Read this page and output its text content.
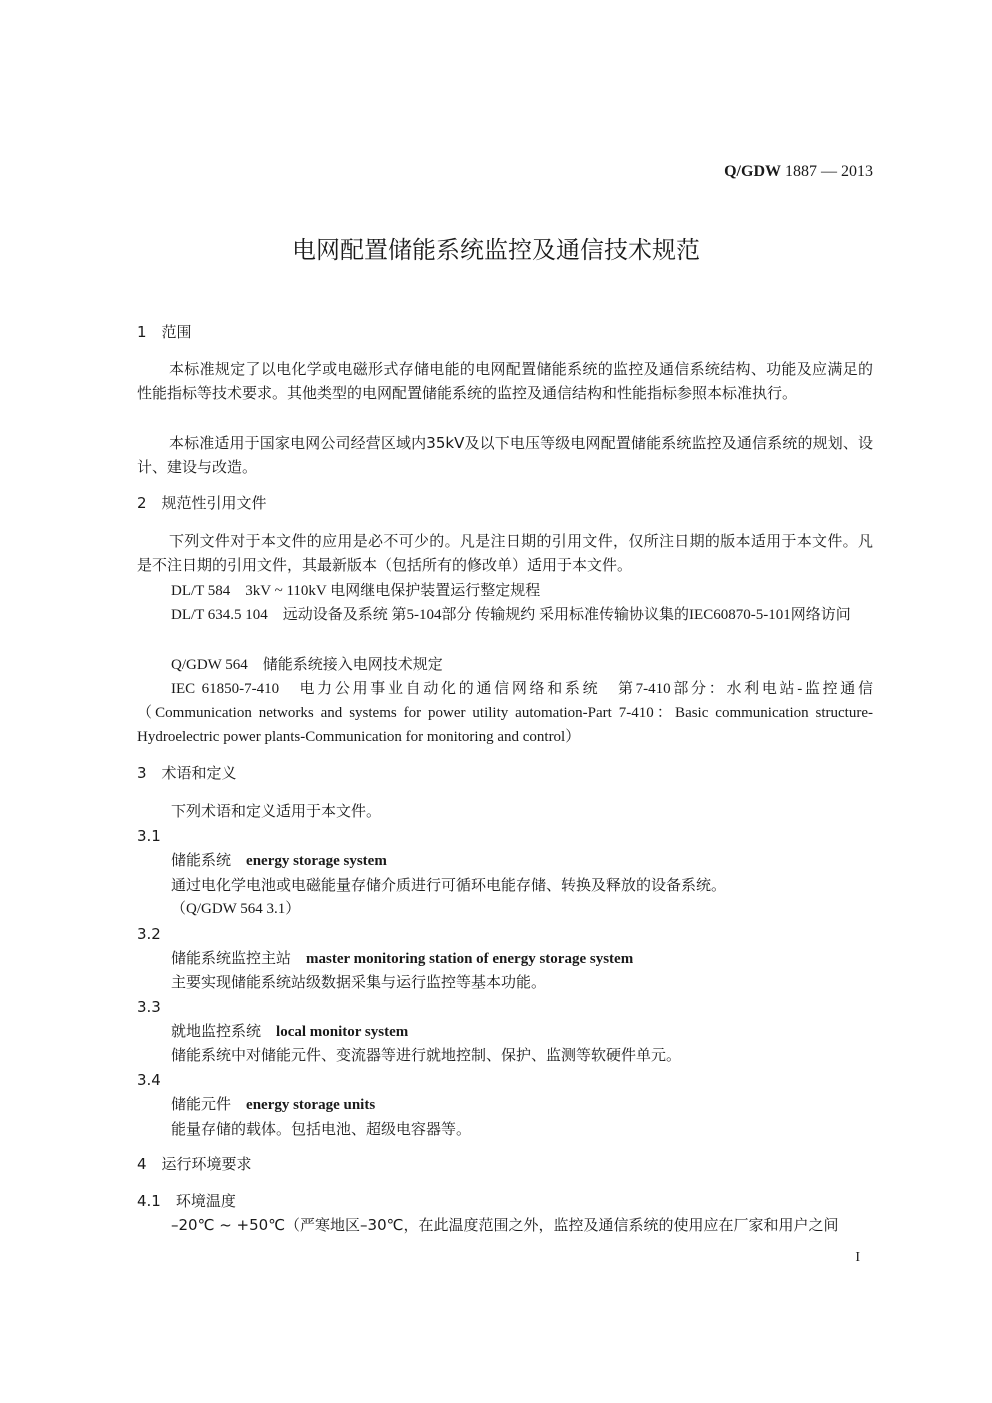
Q/GDW 1887 — 2013
电网配置储能系统监控及通信技术规范
1　范围
本标准规定了以电化学或电磁形式存储电能的电网配置储能系统的监控及通信系统结构、功能及应满足的性能指标等技术要求。其他类型的电网配置储能系统的监控及通信结构和性能指标参照本标准执行。
本标准适用于国家电网公司经营区域内35kV及以下电压等级电网配置储能系统监控及通信系统的规划、设计、建设与改造。
2　规范性引用文件
下列文件对于本文件的应用是必不可少的。凡是注日期的引用文件，仅所注日期的版本适用于本文件。凡是不注日期的引用文件，其最新版本（包括所有的修改单）适用于本文件。
DL/T 584　3kV ~ 110kV 电网继电保护装置运行整定规程
DL/T 634.5 104　远动设备及系统 第5-104部分 传输规约 采用标准传输协议集的IEC60870-5-101网络访问
Q/GDW 564　储能系统接入电网技术规定
IEC 61850-7-410　电力公用事业自动化的通信网络和系统　第7-410部分：水利电站-监控通信（Communication networks and systems for power utility automation-Part 7-410：Basic communication structure-Hydroelectric power plants-Communication for monitoring and control）
3　术语和定义
下列术语和定义适用于本文件。
3.1
储能系统　 energy storage system
通过电化学电池或电磁能量存储介质进行可循环电能存储、转换及释放的设备系统。
（Q/GDW 564 3.1）
3.2
储能系统监控主站　 master monitoring station of energy storage system
主要实现储能系统站级数据采集与运行监控等基本功能。
3.3
就地监控系统　 local monitor system
储能系统中对储能元件、变流器等进行就地控制、保护、监测等软硬件单元。
3.4
储能元件　 energy storage units
能量存储的载体。包括电池、超级电容器等。
4　运行环境要求
4.1　环境温度
–20℃ ~ +50℃（严寒地区–30℃，在此温度范围之外，监控及通信系统的使用应在厂家和用户之间
I
